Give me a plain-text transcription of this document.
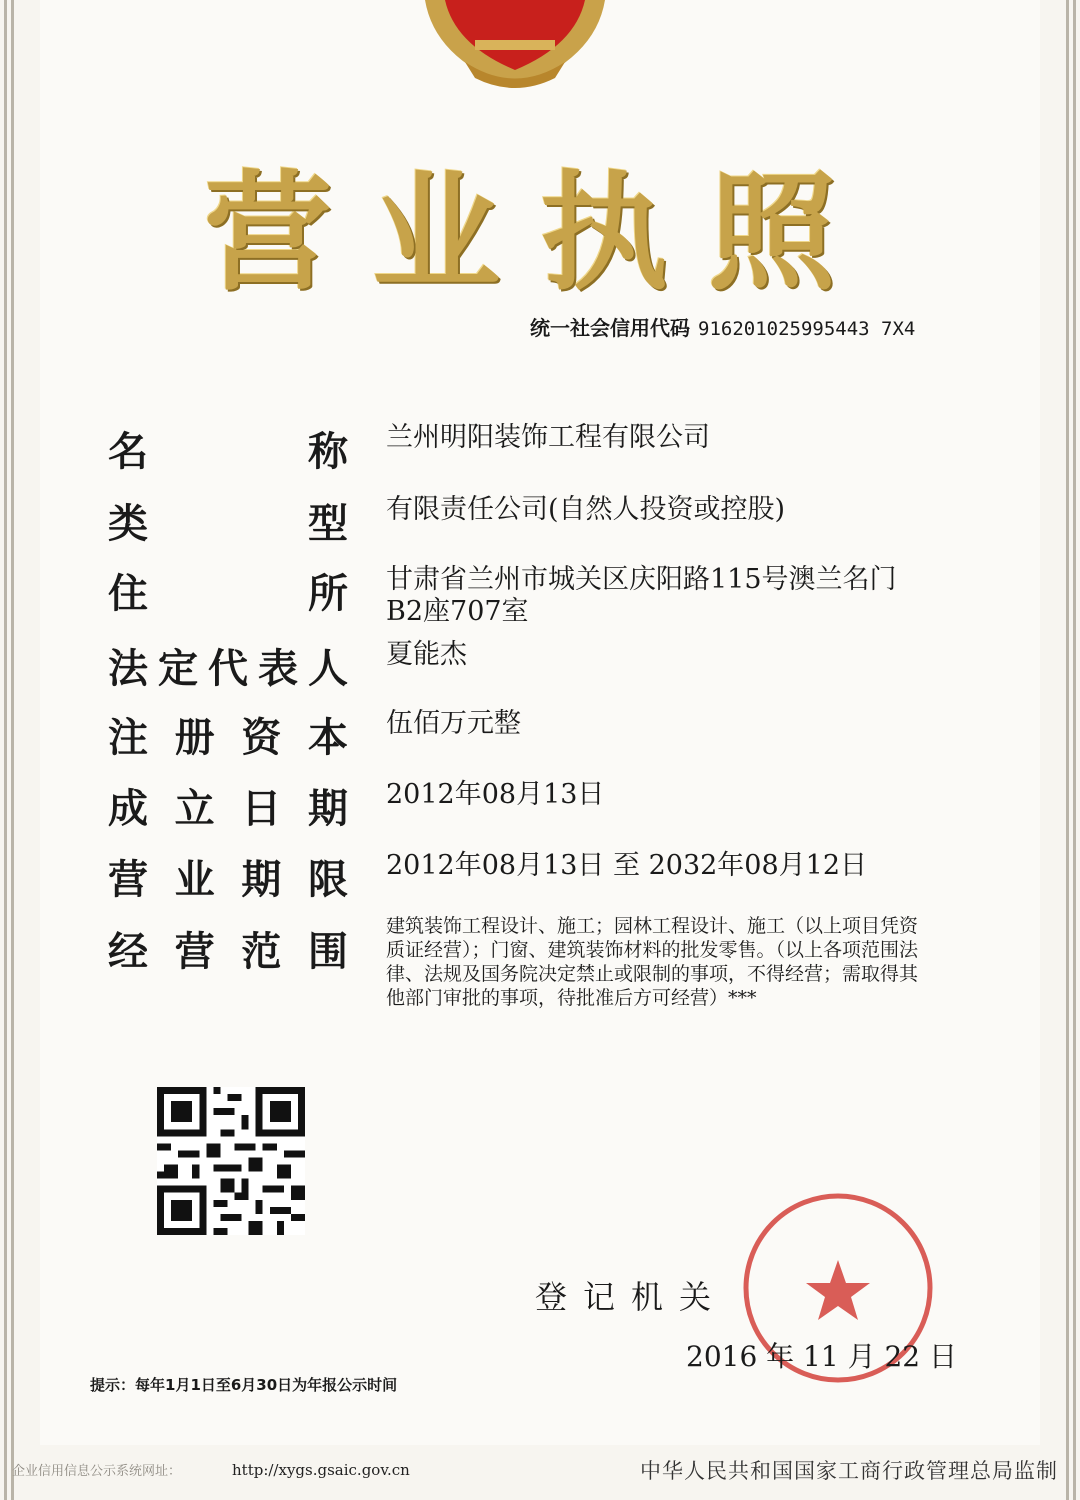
营业执照
统一社会信用代码 916201025995443 7X4
名	称 兰州明阳装饰工程有限公司
类	型 有限责任公司(自然人投资或控股)
住	所 甘肃省兰州市城关区庆阳路115号澳兰名门B2座707室
法 定 代 表 人 夏能杰
注 册 资 本 伍佰万元整
成 立 日 期 2012年08月13日
营 业 期 限 2012年08月13日 至 2032年08月12日
经 营 范 围
建筑装饰工程设计、施工；园林工程设计、施工（以上项目凭资质证经营）；门窗、建筑装饰材料的批发零售。（以上各项范围法律、法规及国务院决定禁止或限制的事项，不得经营；需取得其他部门审批的事项，待批准后方可经营）***
登记机关
2016 年 11 月 22 日
提示：每年1月1日至6月30日为年报公示时间
企业信用信息公示系统网址：	http://xygs.gsaic.gov.cn	中华人民共和国国家工商行政管理总局监制
